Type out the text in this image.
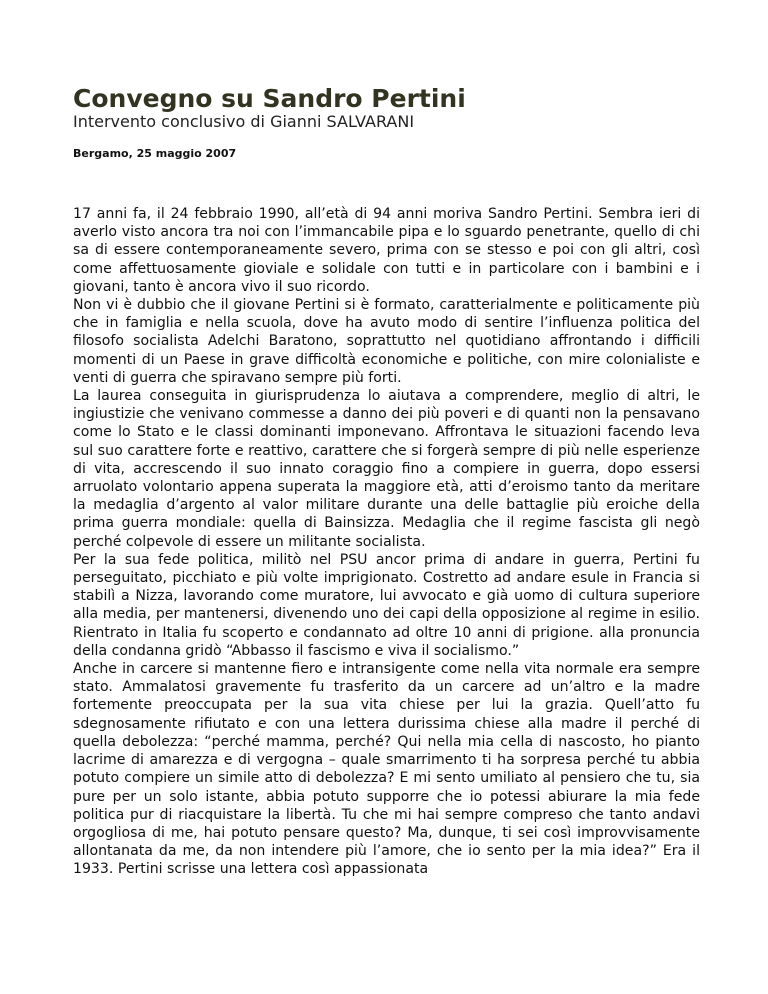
Convegno su Sandro Pertini
Intervento conclusivo di Gianni SALVARANI
Bergamo, 25 maggio 2007

17 anni fa, il 24 febbraio 1990, all’età di 94 anni moriva Sandro Pertini. Sembra ieri di averlo visto ancora tra noi con l’immancabile pipa e lo sguardo penetrante, quello di chi sa di essere contemporaneamente severo, prima con se stesso e poi con gli altri, così come affettuosamente gioviale e solidale con tutti e in particolare con i bambini e i giovani, tanto è ancora vivo il suo ricordo.

Non vi è dubbio che il giovane Pertini si è formato, caratterialmente e politicamente più che in famiglia e nella scuola, dove ha avuto modo di sentire l’influenza politica del filosofo socialista Adelchi Baratono, soprattutto nel quotidiano affrontando i difficili momenti di un Paese in grave difficoltà economiche e politiche, con mire colonialiste e venti di guerra che spiravano sempre più forti.

La laurea conseguita in giurisprudenza lo aiutava a comprendere, meglio di altri, le ingiustizie che venivano commesse a danno dei più poveri e di quanti non la pensavano come lo Stato e le classi dominanti imponevano. Affrontava le situazioni facendo leva sul suo carattere forte e reattivo, carattere che si forgerà sempre di più nelle esperienze di vita, accrescendo il suo innato coraggio fino a compiere in guerra, dopo essersi arruolato volontario appena superata la maggiore età, atti d’eroismo tanto da meritare la medaglia d’argento al valor militare durante una delle battaglie più eroiche della prima guerra mondiale: quella di Bainsizza. Medaglia che il regime fascista gli negò perché colpevole di essere un militante socialista.

Per la sua fede politica, militò nel PSU ancor prima di andare in guerra, Pertini fu perseguitato, picchiato e più volte imprigionato. Costretto ad andare esule in Francia si stabilì a Nizza, lavorando come muratore, lui avvocato e già uomo di cultura superiore alla media, per mantenersi, divenendo uno dei capi della opposizione al regime in esilio. Rientrato in Italia fu scoperto e condannato ad oltre 10 anni di prigione. alla pronuncia della condanna gridò “Abbasso il fascismo e viva il socialismo.”

Anche in carcere si mantenne fiero e intransigente come nella vita normale era sempre stato. Ammalatosi gravemente fu trasferito da un carcere ad un’altro e la madre fortemente preoccupata per la sua vita chiese per lui la grazia. Quell’atto fu sdegnosamente rifiutato e con una lettera durissima chiese alla madre il perché di quella debolezza: “perché mamma, perché? Qui nella mia cella di nascosto, ho pianto lacrime di amarezza e di vergogna – quale smarrimento ti ha sorpresa perché tu abbia potuto compiere un simile atto di debolezza? E mi sento umiliato al pensiero che tu, sia pure per un solo istante, abbia potuto supporre che io potessi abiurare la mia fede politica pur di riacquistare la libertà. Tu che mi hai sempre compreso che tanto andavi orgogliosa di me, hai potuto pensare questo? Ma, dunque, ti sei così improvvisamente allontanata da me, da non intendere più l’amore, che io sento per la mia idea?” Era il 1933. Pertini scrisse una lettera così appassionata
